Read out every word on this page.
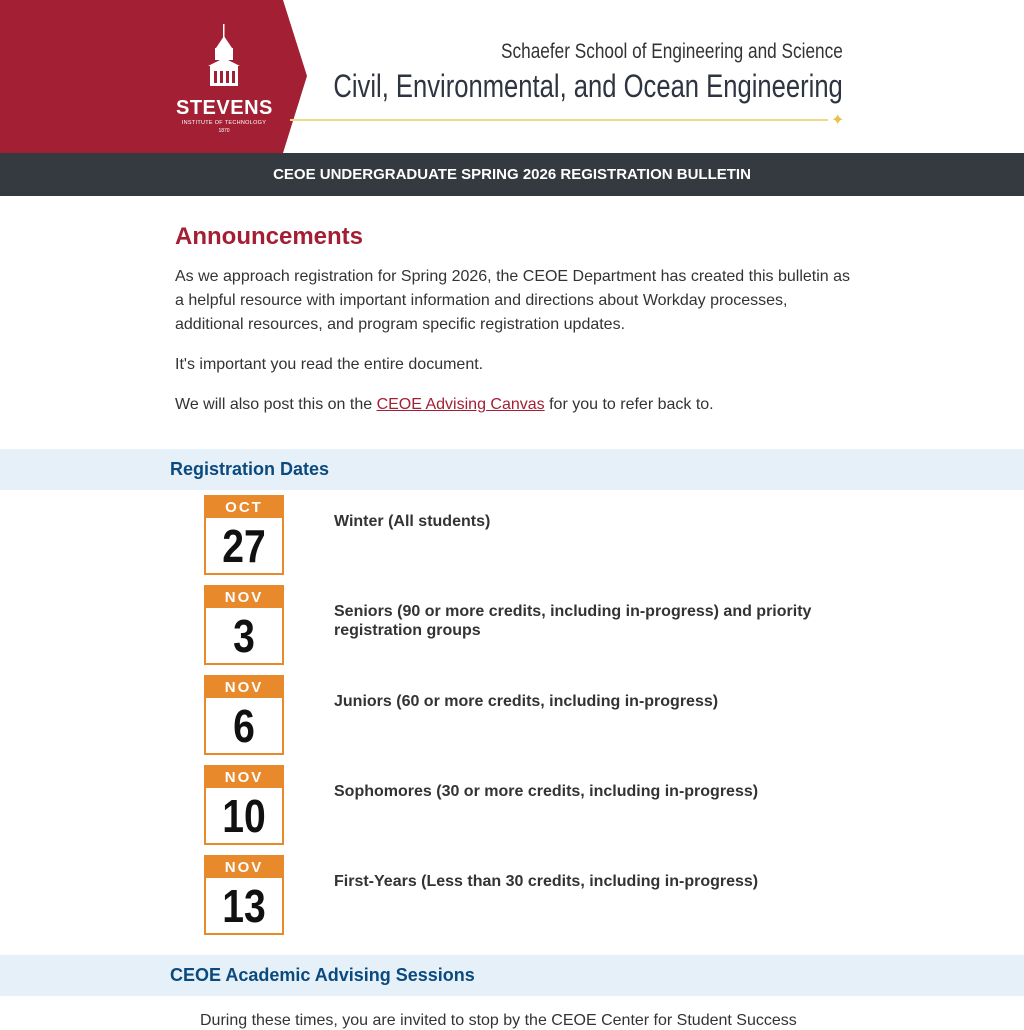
STEVENS
INSTITUTE OF TECHNOLOGY
1870
Schaefer School of Engineering and Science
Civil, Environmental, and Ocean Engineering
✦
CEOE UNDERGRADUATE SPRING 2026 REGISTRATION BULLETIN
Announcements

As we approach registration for Spring 2026, the CEOE Department has created this bulletin as a helpful resource with important information and directions about Workday processes, additional resources, and program specific registration updates.

It's important you read the entire document.

We will also post this on the CEOE Advising Canvas for you to refer back to.

Registration Dates
OCT
27	Winter (All students)
NOV
3	Seniors (90 or more credits, including in-progress) and priority registration groups
NOV
6	Juniors (60 or more credits, including in-progress)
NOV
10	Sophomores (30 or more credits, including in-progress)
NOV
13	First-Years (Less than 30 credits, including in-progress)
CEOE Academic Advising Sessions
During these times, you are invited to stop by the CEOE Center for Student Success
